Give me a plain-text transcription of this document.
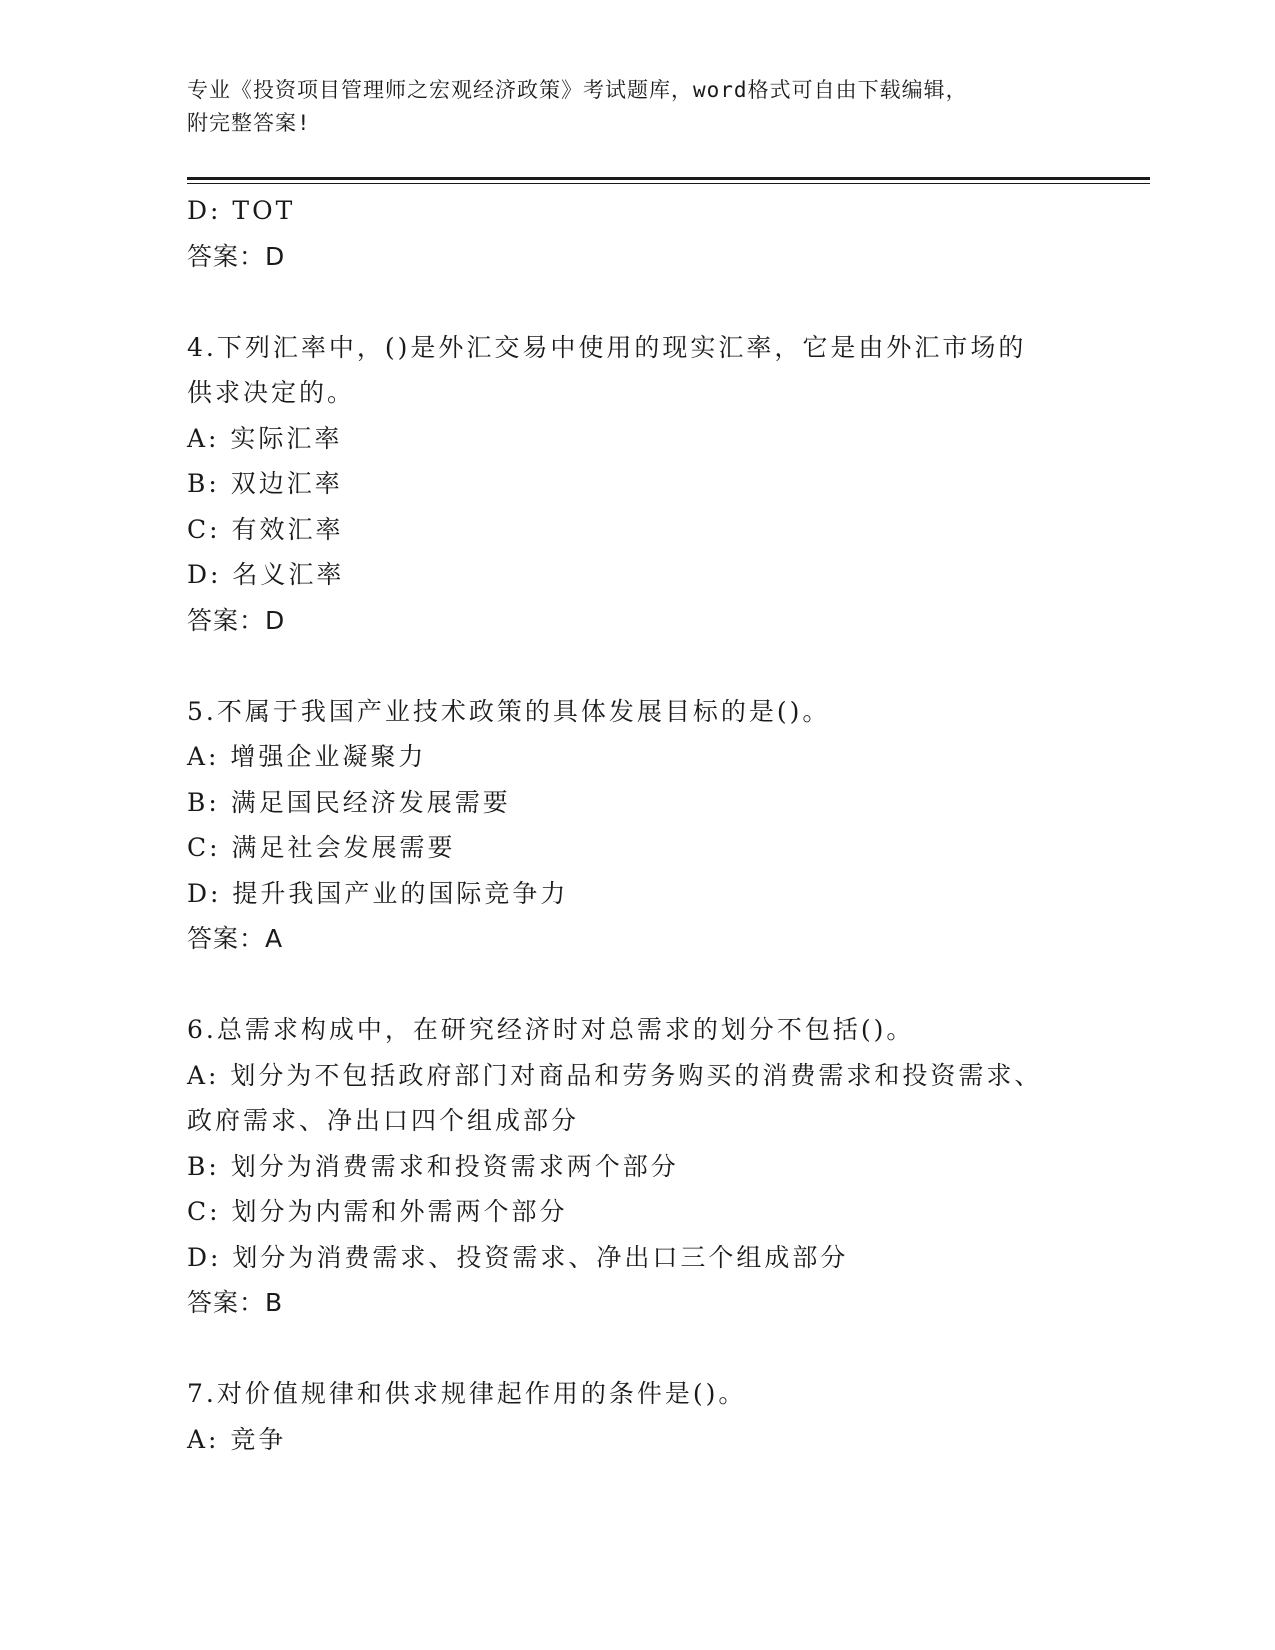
专业《投资项目管理师之宏观经济政策》考试题库，word格式可自由下载编辑，
附完整答案!
D: TOT
答案：D
4.下列汇率中，()是外汇交易中使用的现实汇率，它是由外汇市场的
供求决定的。
A: 实际汇率
B: 双边汇率
C: 有效汇率
D: 名义汇率
答案：D
5.不属于我国产业技术政策的具体发展目标的是()。
A: 增强企业凝聚力
B: 满足国民经济发展需要
C: 满足社会发展需要
D: 提升我国产业的国际竞争力
答案：A
6.总需求构成中，在研究经济时对总需求的划分不包括()。
A: 划分为不包括政府部门对商品和劳务购买的消费需求和投资需求、
政府需求、净出口四个组成部分
B: 划分为消费需求和投资需求两个部分
C: 划分为内需和外需两个部分
D: 划分为消费需求、投资需求、净出口三个组成部分
答案：B
7.对价值规律和供求规律起作用的条件是()。
A: 竞争
